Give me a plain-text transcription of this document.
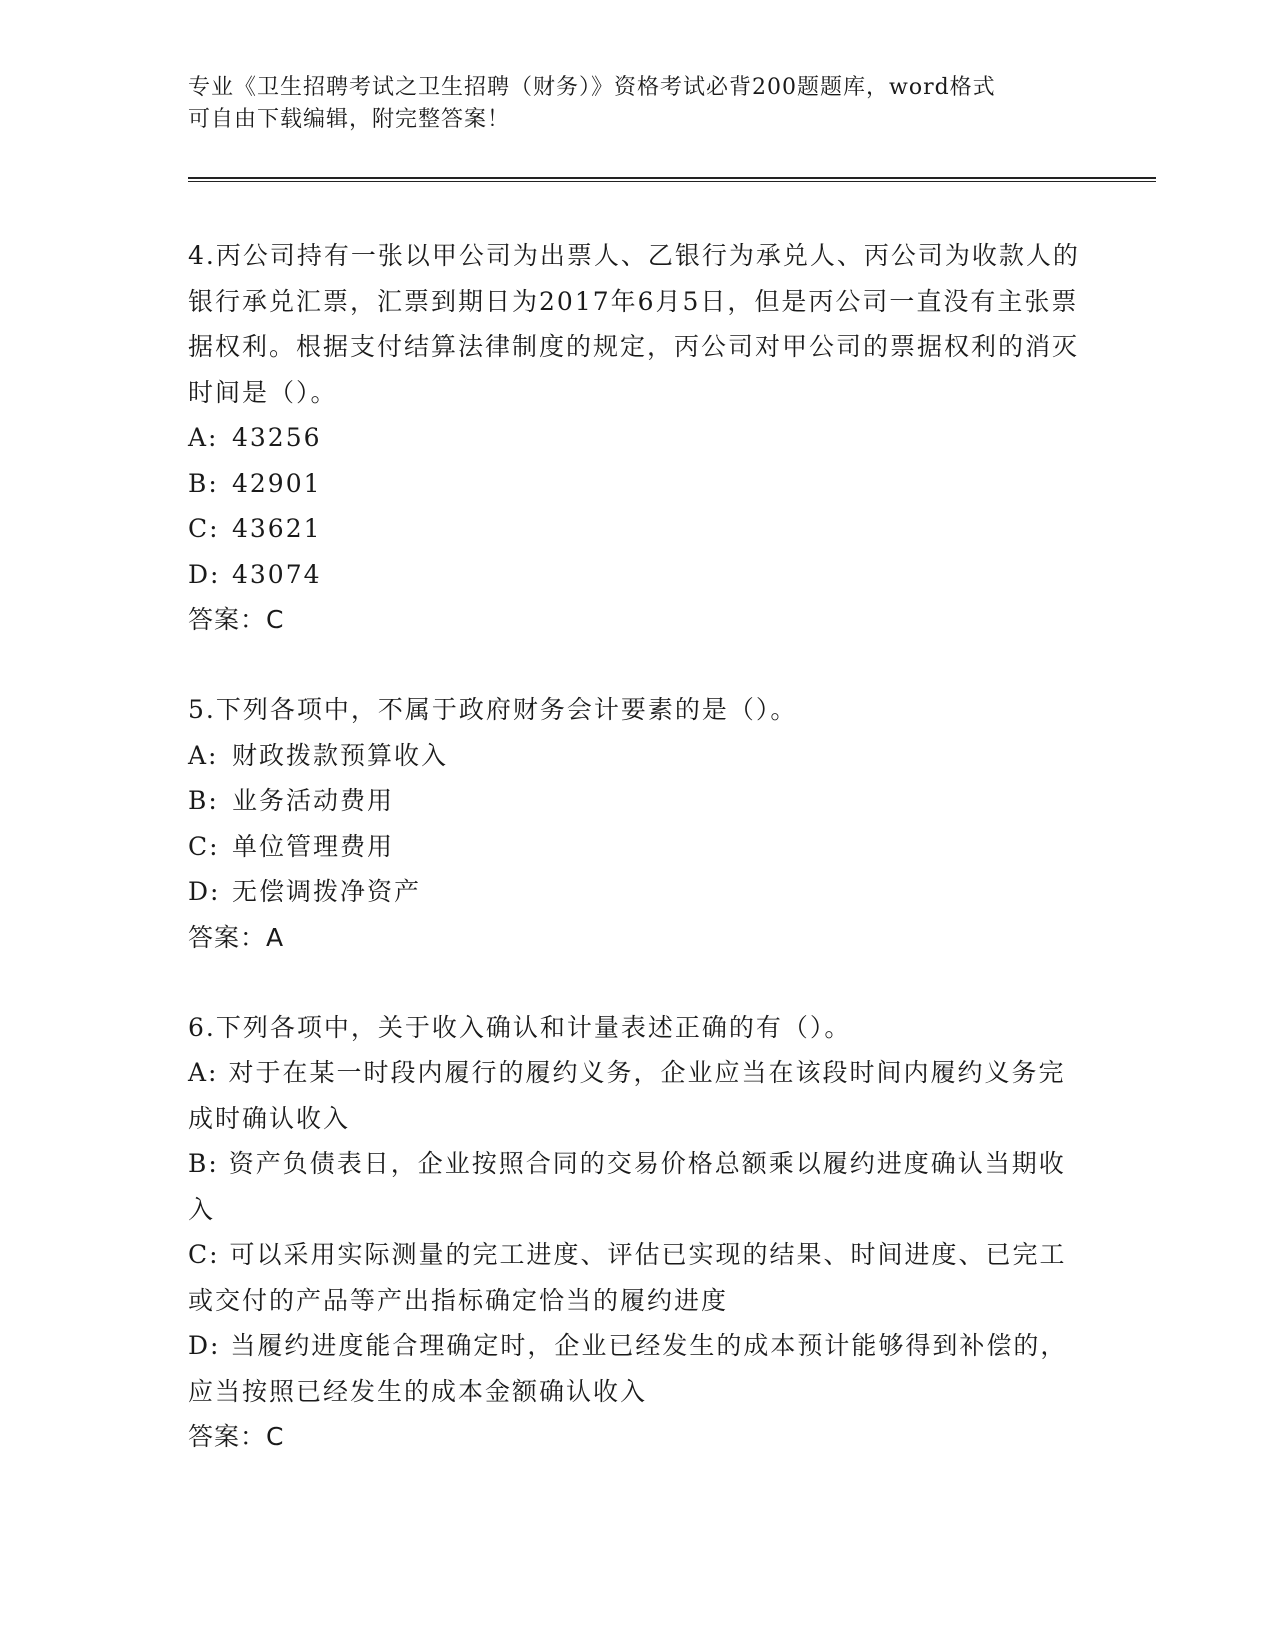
专业《卫生招聘考试之卫生招聘（财务）》资格考试必背200题题库，word格式
可自由下载编辑，附完整答案！

4.丙公司持有一张以甲公司为出票人、乙银行为承兑人、丙公司为收款人的银行承兑汇票，汇票到期日为2017年6月5日，但是丙公司一直没有主张票据权利。根据支付结算法律制度的规定，丙公司对甲公司的票据权利的消灭时间是（）。

A: 43256

B: 42901

C: 43621

D: 43074

答案：C

5.下列各项中，不属于政府财务会计要素的是（）。

A: 财政拨款预算收入

B: 业务活动费用

C: 单位管理费用

D: 无偿调拨净资产

答案：A

6.下列各项中，关于收入确认和计量表述正确的有（）。

A: 对于在某一时段内履行的履约义务，企业应当在该段时间内履约义务完成时确认收入

B: 资产负债表日，企业按照合同的交易价格总额乘以履约进度确认当期收入

C: 可以采用实际测量的完工进度、评估已实现的结果、时间进度、已完工或交付的产品等产出指标确定恰当的履约进度

D: 当履约进度能合理确定时，企业已经发生的成本预计能够得到补偿的，应当按照已经发生的成本金额确认收入

答案：C
